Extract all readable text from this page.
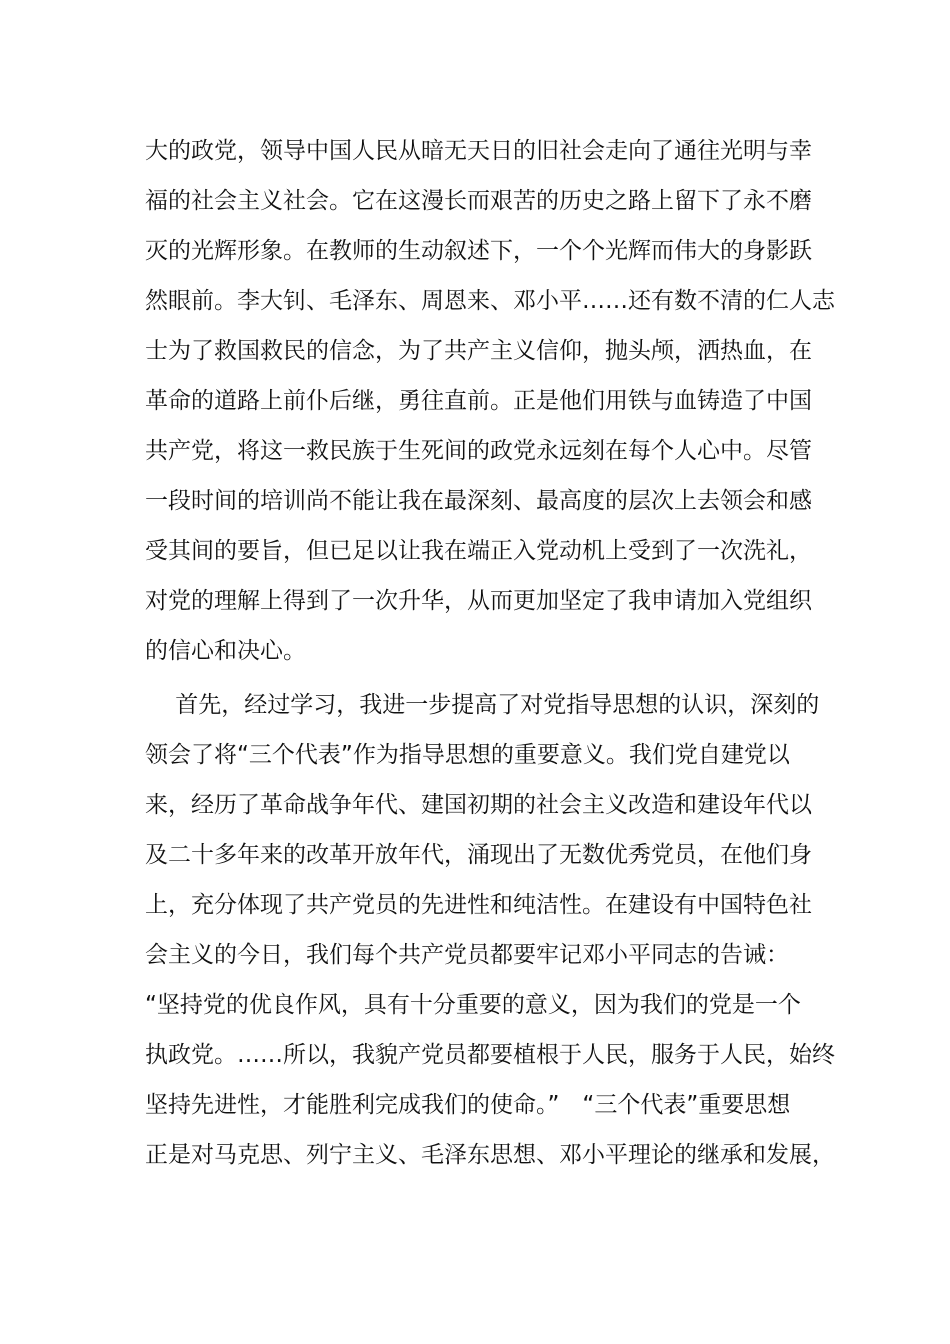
大的政党，领导中国人民从暗无天日的旧社会走向了通往光明与幸
福的社会主义社会。它在这漫长而艰苦的历史之路上留下了永不磨
灭的光辉形象。在教师的生动叙述下，一个个光辉而伟大的身影跃
然眼前。李大钊、毛泽东、周恩来、邓小平……还有数不清的仁人志
士为了救国救民的信念，为了共产主义信仰，抛头颅，洒热血，在
革命的道路上前仆后继，勇往直前。正是他们用铁与血铸造了中国
共产党，将这一救民族于生死间的政党永远刻在每个人心中。尽管
一段时间的培训尚不能让我在最深刻、最高度的层次上去领会和感
受其间的要旨，但已足以让我在端正入党动机上受到了一次洗礼，
对党的理解上得到了一次升华，从而更加坚定了我申请加入党组织
的信心和决心。
　 首先，经过学习，我进一步提高了对党指导思想的认识，深刻的
领会了将“三个代表”作为指导思想的重要意义。我们党自建党以
来，经历了革命战争年代、建国初期的社会主义改造和建设年代以
及二十多年来的改革开放年代，涌现出了无数优秀党员，在他们身
上，充分体现了共产党员的先进性和纯洁性。在建设有中国特色社
会主义的今日，我们每个共产党员都要牢记邓小平同志的告诫：
“坚持党的优良作风，具有十分重要的意义，因为我们的党是一个
执政党。……所以，我貌产党员都要植根于人民，服务于人民，始终
坚持先进性，才能胜利完成我们的使命。”　“三个代表”重要思想
正是对马克思、列宁主义、毛泽东思想、邓小平理论的继承和发展，
